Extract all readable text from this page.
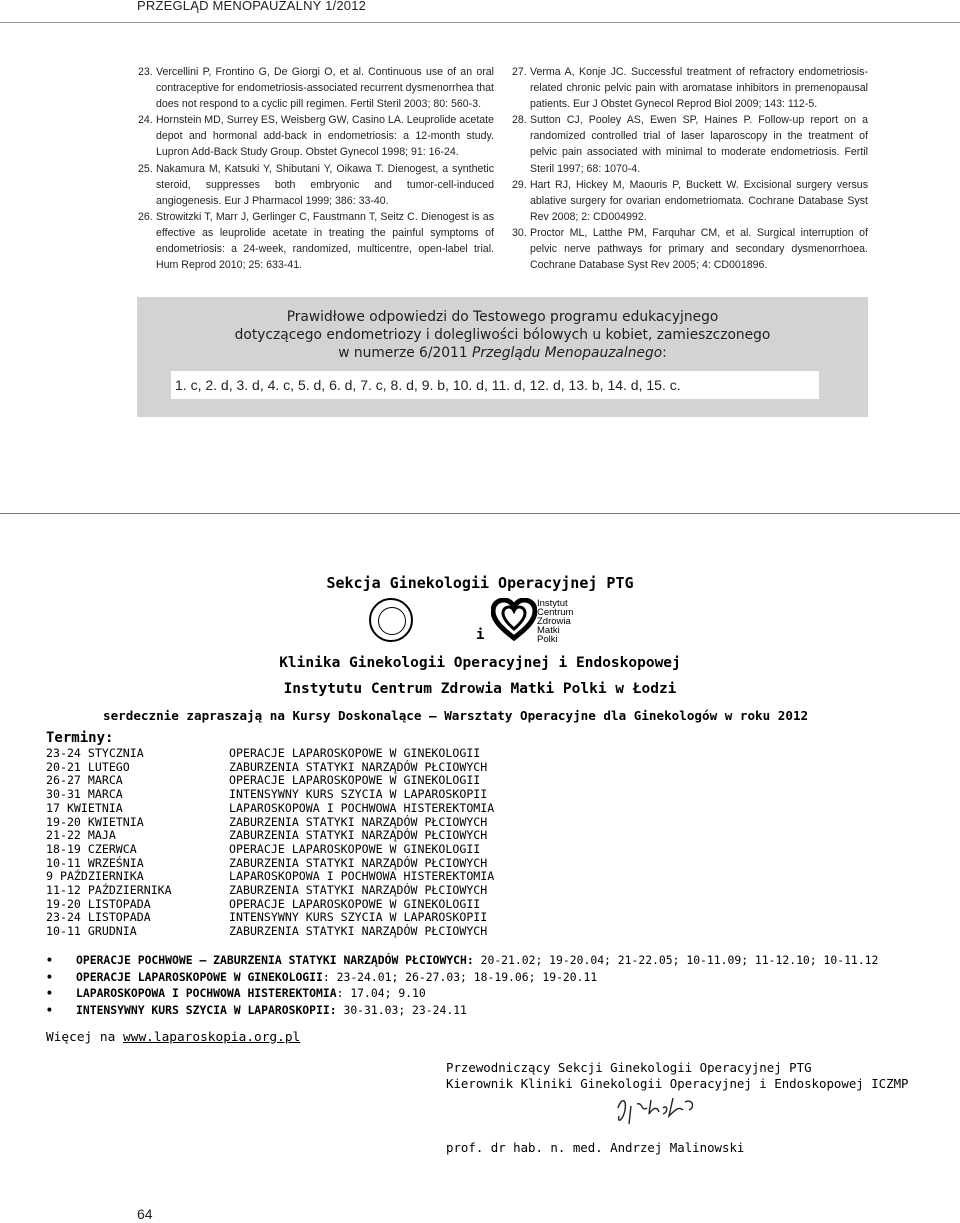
PRZEGLĄD MENOPAUZALNY 1/2012
23. Vercellini P, Frontino G, De Giorgi O, et al. Continuous use of an oral contraceptive for endometriosis-associated recurrent dysmenorrhea that does not respond to a cyclic pill regimen. Fertil Steril 2003; 80: 560-3.
24. Hornstein MD, Surrey ES, Weisberg GW, Casino LA. Leuprolide acetate depot and hormonal add-back in endometriosis: a 12-month study. Lupron Add-Back Study Group. Obstet Gynecol 1998; 91: 16-24.
25. Nakamura M, Katsuki Y, Shibutani Y, Oikawa T. Dienogest, a synthetic steroid, suppresses both embryonic and tumor-cell-induced angiogenesis. Eur J Pharmacol 1999; 386: 33-40.
26. Strowitzki T, Marr J, Gerlinger C, Faustmann T, Seitz C. Dienogest is as effective as leuprolide acetate in treating the painful symptoms of endometriosis: a 24-week, randomized, multicentre, open-label trial. Hum Reprod 2010; 25: 633-41.
27. Verma A, Konje JC. Successful treatment of refractory endometriosis-related chronic pelvic pain with aromatase inhibitors in premenopausal patients. Eur J Obstet Gynecol Reprod Biol 2009; 143: 112-5.
28. Sutton CJ, Pooley AS, Ewen SP, Haines P. Follow-up report on a randomized controlled trial of laser laparoscopy in the treatment of pelvic pain associated with minimal to moderate endometriosis. Fertil Steril 1997; 68: 1070-4.
29. Hart RJ, Hickey M, Maouris P, Buckett W. Excisional surgery versus ablative surgery for ovarian endometriomata. Cochrane Database Syst Rev 2008; 2: CD004992.
30. Proctor ML, Latthe PM, Farquhar CM, et al. Surgical interruption of pelvic nerve pathways for primary and secondary dysmenorrhoea. Cochrane Database Syst Rev 2005; 4: CD001896.
Prawidłowe odpowiedzi do Testowego programu edukacyjnego
dotyczącego endometriozy i dolegliwości bólowych u kobiet, zamieszczonego
w numerze 6/2011 Przeglądu Menopauzalnego:
1. c, 2. d, 3. d, 4. c, 5. d, 6. d, 7. c, 8. d, 9. b, 10. d, 11. d, 12. d, 13. b, 14. d, 15. c.
Sekcja Ginekologii Operacyjnej PTG
i
Instytut
Centrum
Zdrowia
Matki
Polki
Klinika Ginekologii Operacyjnej i Endoskopowej
Instytutu Centrum Zdrowia Matki Polki w Łodzi
serdecznie zapraszają na Kursy Doskonalące – Warsztaty Operacyjne dla Ginekologów w roku 2012
Terminy:
23-24 STYCZNIA	OPERACJE LAPAROSKOPOWE W GINEKOLOGII
20-21 LUTEGO	ZABURZENIA STATYKI NARZĄDÓW PŁCIOWYCH
26-27 MARCA	OPERACJE LAPAROSKOPOWE W GINEKOLOGII
30-31 MARCA	INTENSYWNY KURS SZYCIA W LAPAROSKOPII
17 KWIETNIA	LAPAROSKOPOWA I POCHWOWA HISTEREKTOMIA
19-20 KWIETNIA	ZABURZENIA STATYKI NARZĄDÓW PŁCIOWYCH
21-22 MAJA	ZABURZENIA STATYKI NARZĄDÓW PŁCIOWYCH
18-19 CZERWCA	OPERACJE LAPAROSKOPOWE W GINEKOLOGII
10-11 WRZEŚNIA	ZABURZENIA STATYKI NARZĄDÓW PŁCIOWYCH
9 PAŹDZIERNIKA	LAPAROSKOPOWA I POCHWOWA HISTEREKTOMIA
11-12 PAŹDZIERNIKA	ZABURZENIA STATYKI NARZĄDÓW PŁCIOWYCH
19-20 LISTOPADA	OPERACJE LAPAROSKOPOWE W GINEKOLOGII
23-24 LISTOPADA	INTENSYWNY KURS SZYCIA W LAPAROSKOPII
10-11 GRUDNIA	ZABURZENIA STATYKI NARZĄDÓW PŁCIOWYCH
• OPERACJE POCHWOWE – ZABURZENIA STATYKI NARZĄDÓW PŁCIOWYCH: 20-21.02; 19-20.04; 21-22.05; 10-11.09; 11-12.10; 10-11.12
• OPERACJE LAPAROSKOPOWE W GINEKOLOGII: 23-24.01; 26-27.03; 18-19.06; 19-20.11
• LAPAROSKOPOWA I POCHWOWA HISTEREKTOMIA: 17.04; 9.10
• INTENSYWNY KURS SZYCIA W LAPAROSKOPII: 30-31.03; 23-24.11
Więcej na www.laparoskopia.org.pl
Przewodniczący Sekcji Ginekologii Operacyjnej PTG
Kierownik Kliniki Ginekologii Operacyjnej i Endoskopowej ICZMP
prof. dr hab. n. med. Andrzej Malinowski
64
